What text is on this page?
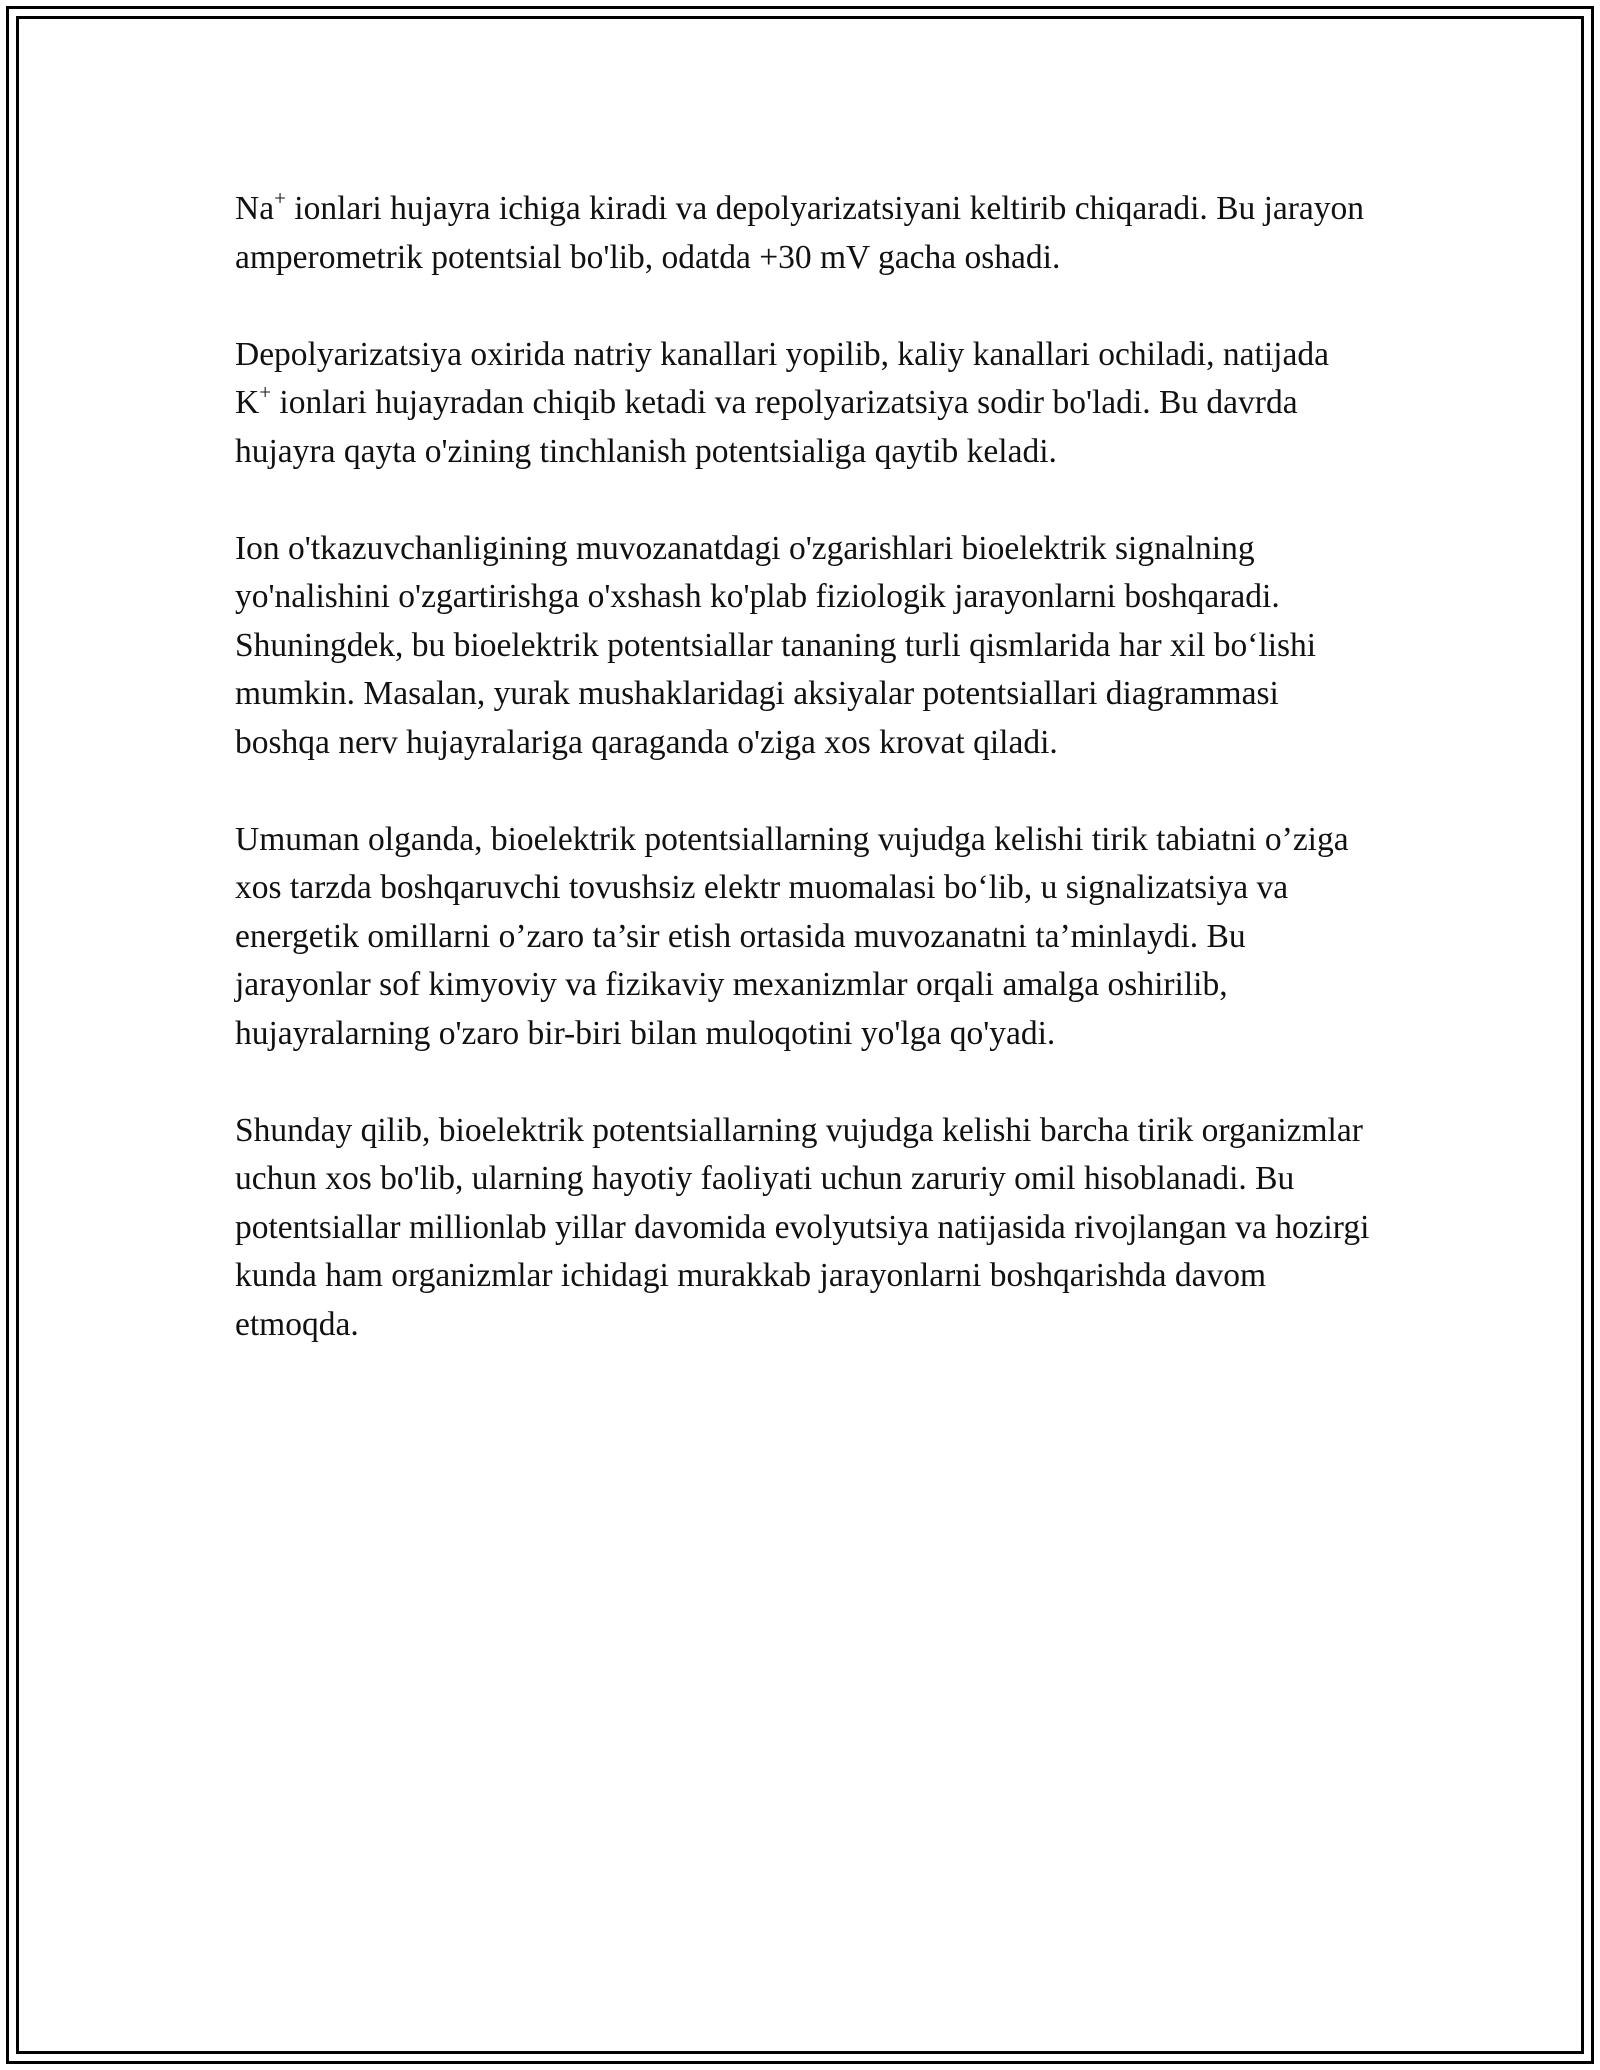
Na+ ionlari hujayra ichiga kiradi va depolyarizatsiyani keltirib chiqaradi. Bu jarayon amperometrik potentsial bo'lib, odatda +30 mV gacha oshadi.

Depolyarizatsiya oxirida natriy kanallari yopilib, kaliy kanallari ochiladi, natijada K+ ionlari hujayradan chiqib ketadi va repolyarizatsiya sodir bo'ladi. Bu davrda hujayra qayta o'zining tinchlanish potentsialiga qaytib keladi.

Ion o'tkazuvchanligining muvozanatdagi o'zgarishlari bioelektrik signalning yo'nalishini o'zgartirishga o'xshash ko'plab fiziologik jarayonlarni boshqaradi. Shuningdek, bu bioelektrik potentsiallar tananing turli qismlarida har xil bo‘lishi mumkin. Masalan, yurak mushaklaridagi aksiyalar potentsiallari diagrammasi boshqa nerv hujayralariga qaraganda o'ziga xos krovat qiladi.

Umuman olganda, bioelektrik potentsiallarning vujudga kelishi tirik tabiatni o’ziga xos tarzda boshqaruvchi tovushsiz elektr muomalasi bo‘lib, u signalizatsiya va energetik omillarni o’zaro ta’sir etish ortasida muvozanatni ta’minlaydi. Bu jarayonlar sof kimyoviy va fizikaviy mexanizmlar orqali amalga oshirilib, hujayralarning o'zaro bir-biri bilan muloqotini yo'lga qo'yadi.

Shunday qilib, bioelektrik potentsiallarning vujudga kelishi barcha tirik organizmlar uchun xos bo'lib, ularning hayotiy faoliyati uchun zaruriy omil hisoblanadi. Bu potentsiallar millionlab yillar davomida evolyutsiya natijasida rivojlangan va hozirgi kunda ham organizmlar ichidagi murakkab jarayonlarni boshqarishda davom etmoqda.
